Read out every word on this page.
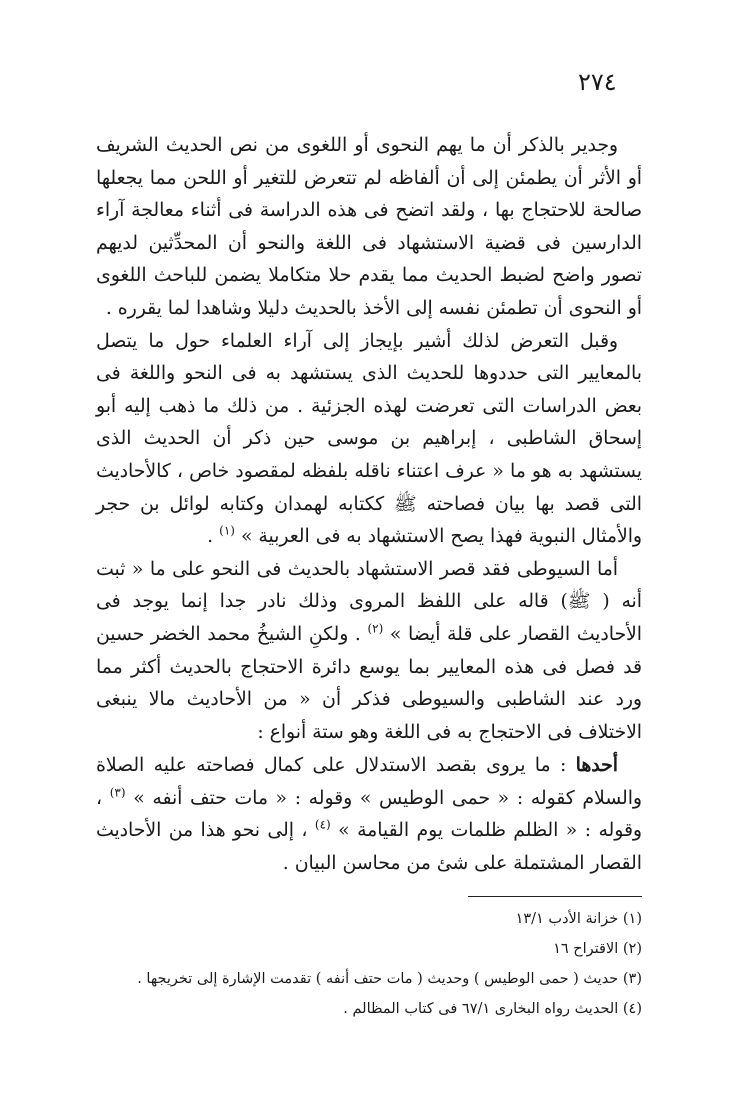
٢٧٤

وجدير بالذكر أن ما يهم النحوى أو اللغوى من نص الحديث الشريف أو الأثر أن يطمئن إلى أن ألفاظه لم تتعرض للتغير أو اللحن مما يجعلها صالحة للاحتجاج بها ، ولقد اتضح فى هذه الدراسة فى أثناء معالجة آراء الدارسين فى قضية الاستشهاد فى اللغة والنحو أن المحدِّثين لديهم تصور واضح لضبط الحديث مما يقدم حلا متكاملا يضمن للباحث اللغوى أو النحوى أن تطمئن نفسه إلى الأخذ بالحديث دليلا وشاهدا لما يقرره .

وقبل التعرض لذلك أشير بإيجاز إلى آراء العلماء حول ما يتصل بالمعايير التى حددوها للحديث الذى يستشهد به فى النحو واللغة فى بعض الدراسات التى تعرضت لهذه الجزئية . من ذلك ما ذهب إليه أبو إسحاق الشاطبى ، إبراهيم بن موسى حين ذكر أن الحديث الذى يستشهد به هو ما « عرف اعتناء ناقله بلفظه لمقصود خاص ، كالأحاديث التى قصد بها بيان فصاحته ﷺ ككتابه لهمدان وكتابه لوائل بن حجر والأمثال النبوية فهذا يصح الاستشهاد به فى العربية » $^{(١)}$ .

أما السيوطى فقد قصر الاستشهاد بالحديث فى النحو على ما « ثبت أنه ( ﷺ) قاله على اللفظ المروى وذلك نادر جدا إنما يوجد فى الأحاديث القصار على قلة أيضا » $^{(٢)}$ . ولكنِ الشيخُ محمد الخضر حسين قد فصل فى هذه المعايير بما يوسع دائرة الاحتجاج بالحديث أكثر مما ورد عند الشاطبى والسيوطى فذكر أن « من الأحاديث مالا ينبغى الاختلاف فى الاحتجاج به فى اللغة وهو ستة أنواع :

أحدها : ما يروى بقصد الاستدلال على كمال فصاحته عليه الصلاة والسلام كقوله : « حمى الوطيس » وقوله : « مات حتف أنفه » $^{(٣)}$ ، وقوله : « الظلم ظلمات يوم القيامة » $^{(٤)}$ ، إلى نحو هذا من الأحاديث القصار المشتملة على شئ من محاسن البيان .

(١) خزانة الأدب ١٣/١

(٢) الاقتراح ١٦

(٣) حديث ( حمى الوطيس ) وحديث ( مات حتف أنفه ) تقدمت الإشارة إلى تخريجها .

(٤) الحديث رواه البخارى ٦٧/١ فى كتاب المظالم .
